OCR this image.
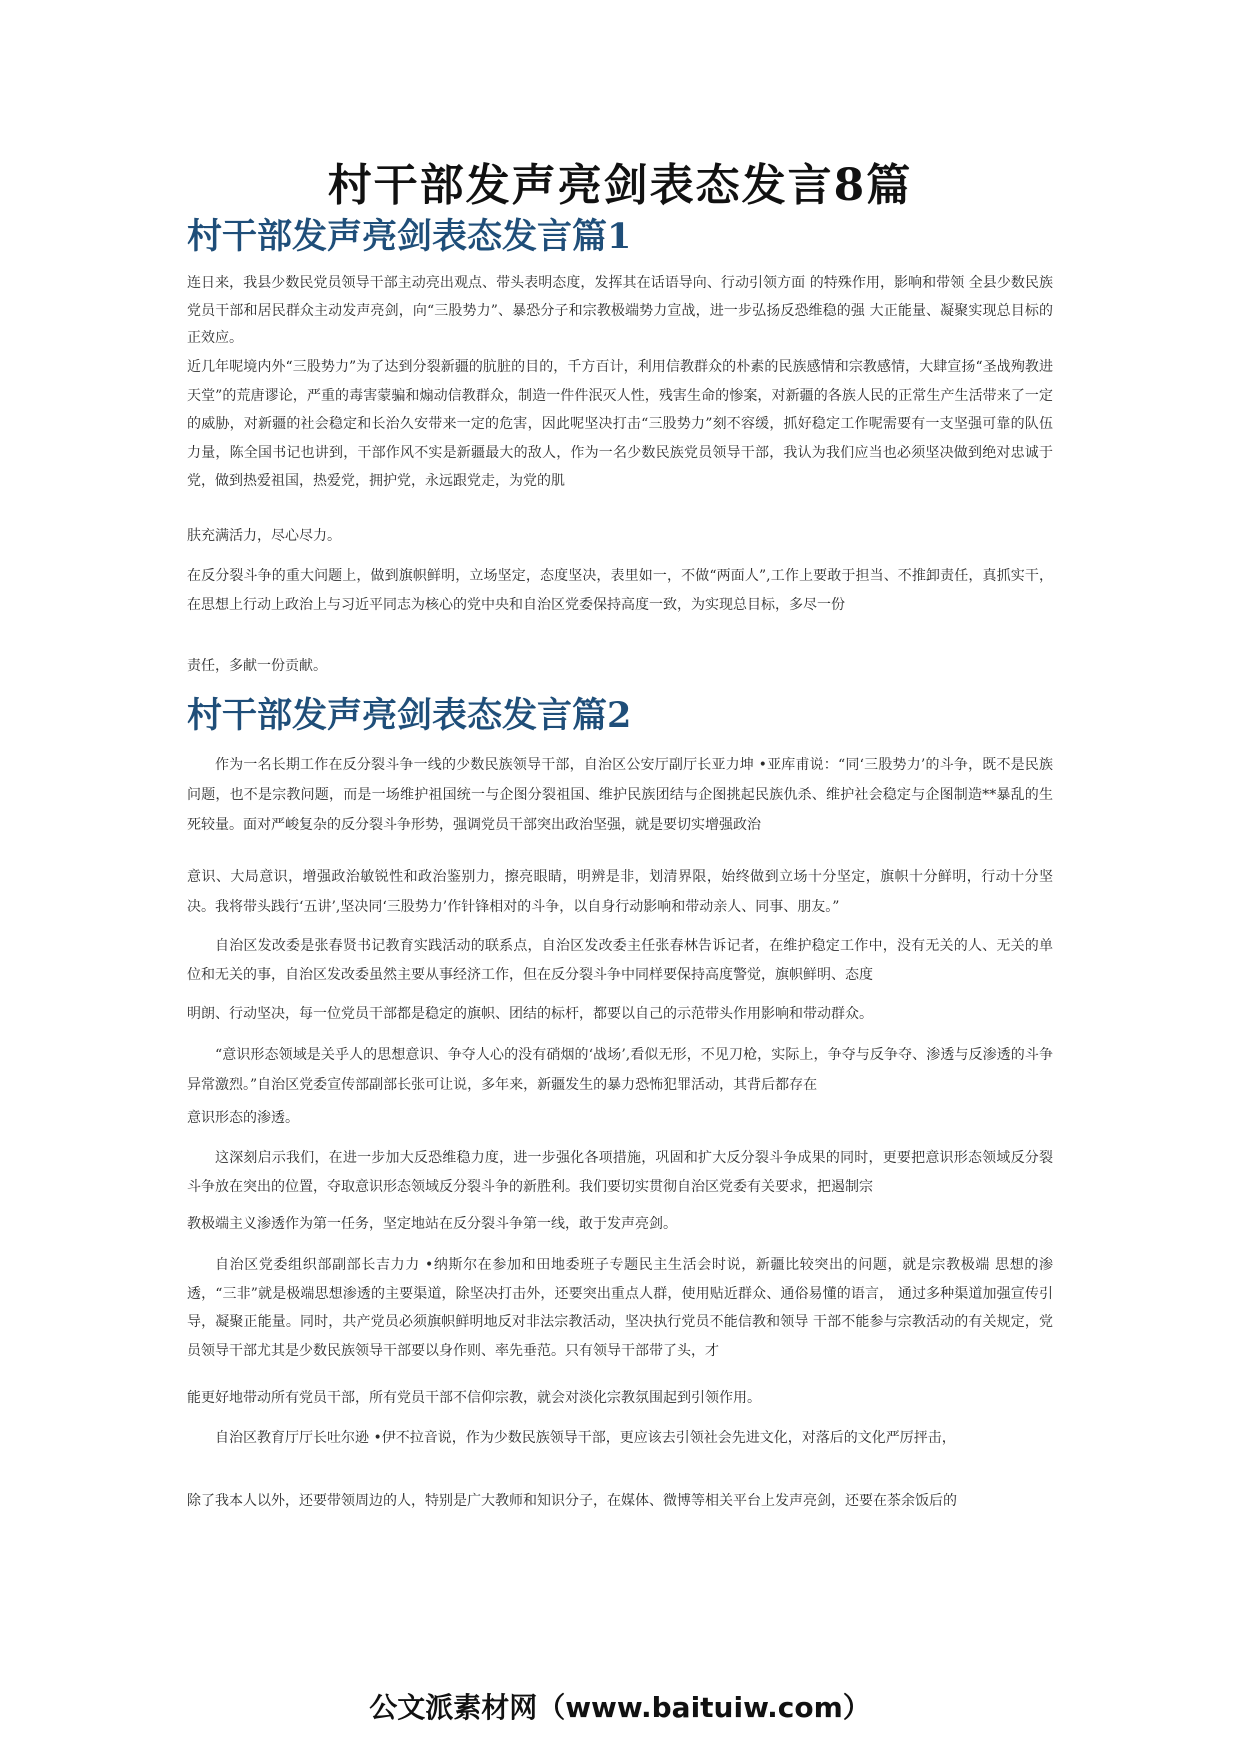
村干部发声亮剑表态发言8篇
村干部发声亮剑表态发言篇1

连日来，我县少数民党员领导干部主动亮出观点、带头表明态度，发挥其在话语导向、行动引领方面 的特殊作用，影响和带领 全县少数民族党员干部和居民群众主动发声亮剑，向“三股势力”、暴恐分子和宗教极端势力宣战，进一步弘扬反恐维稳的强 大正能量、凝聚实现总目标的正效应。

近几年呢境内外“三股势力”为了达到分裂新疆的肮脏的目的，千方百计，利用信教群众的朴素的民族感情和宗教感情，大肆宣扬“圣战殉教进天堂”的荒唐谬论，严重的毒害蒙骗和煽动信教群众，制造一件件泯灭人性，残害生命的惨案，对新疆的各族人民的正常生产生活带来了一定的威胁，对新疆的社会稳定和长治久安带来一定的危害，因此呢坚决打击“三股势力”刻不容缓，抓好稳定工作呢需要有一支坚强可靠的队伍力量，陈全国书记也讲到，干部作风不实是新疆最大的敌人，作为一名少数民族党员领导干部，我认为我们应当也必须坚决做到绝对忠诚于党，做到热爱祖国，热爱党，拥护党，永远跟党走，为党的肌

肤充满活力，尽心尽力。

在反分裂斗争的重大问题上，做到旗帜鲜明，立场坚定，态度坚决，表里如一，不做“两面人”,工作上要敢于担当、不推卸责任，真抓实干，在思想上行动上政治上与习近平同志为核心的党中央和自治区党委保持高度一致，为实现总目标，多尽一份

责任，多献一份贡献。

村干部发声亮剑表态发言篇2

作为一名长期工作在反分裂斗争一线的少数民族领导干部，自治区公安厅副厅长亚力坤 •亚库甫说：“同‘三股势力’的斗争，既不是民族问题，也不是宗教问题，而是一场维护祖国统一与企图分裂祖国、维护民族团结与企图挑起民族仇杀、维护社会稳定与企图制造**暴乱的生死较量。面对严峻复杂的反分裂斗争形势，强调党员干部突出政治坚强，就是要切实增强政治

意识、大局意识，增强政治敏锐性和政治鉴别力，擦亮眼睛，明辨是非，划清界限，始终做到立场十分坚定，旗帜十分鲜明，行动十分坚决。我将带头践行‘五讲’,坚决同‘三股势力’作针锋相对的斗争，以自身行动影响和带动亲人、同事、朋友。”

自治区发改委是张春贤书记教育实践活动的联系点，自治区发改委主任张春林告诉记者，在维护稳定工作中，没有无关的人、无关的单位和无关的事，自治区发改委虽然主要从事经济工作，但在反分裂斗争中同样要保持高度警觉，旗帜鲜明、态度

明朗、行动坚决，每一位党员干部都是稳定的旗帜、团结的标杆，都要以自己的示范带头作用影响和带动群众。

“意识形态领域是关乎人的思想意识、争夺人心的没有硝烟的‘战场’,看似无形，不见刀枪，实际上，争夺与反争夺、渗透与反渗透的斗争异常激烈。”自治区党委宣传部副部长张可让说，多年来，新疆发生的暴力恐怖犯罪活动，其背后都存在

意识形态的渗透。

这深刻启示我们，在进一步加大反恐维稳力度，进一步强化各项措施，巩固和扩大反分裂斗争成果的同时，更要把意识形态领域反分裂斗争放在突出的位置，夺取意识形态领域反分裂斗争的新胜利。我们要切实贯彻自治区党委有关要求，把遏制宗

教极端主义渗透作为第一任务，坚定地站在反分裂斗争第一线，敢于发声亮剑。

自治区党委组织部副部长吉力力 •纳斯尔在参加和田地委班子专题民主生活会时说，新疆比较突出的问题，就是宗教极端 思想的渗透，“三非”就是极端思想渗透的主要渠道，除坚决打击外，还要突出重点人群，使用贴近群众、通俗易懂的语言， 通过多种渠道加强宣传引导，凝聚正能量。同时，共产党员必须旗帜鲜明地反对非法宗教活动，坚决执行党员不能信教和领导 干部不能参与宗教活动的有关规定，党员领导干部尤其是少数民族领导干部要以身作则、率先垂范。只有领导干部带了头，才

能更好地带动所有党员干部，所有党员干部不信仰宗教，就会对淡化宗教氛围起到引领作用。

自治区教育厅厅长吐尔逊 •伊不拉音说，作为少数民族领导干部，更应该去引领社会先进文化，对落后的文化严厉抨击，

除了我本人以外，还要带领周边的人，特别是广大教师和知识分子，在媒体、微博等相关平台上发声亮剑，还要在茶余饭后的

公文派素材网（www.baituiw.com）
